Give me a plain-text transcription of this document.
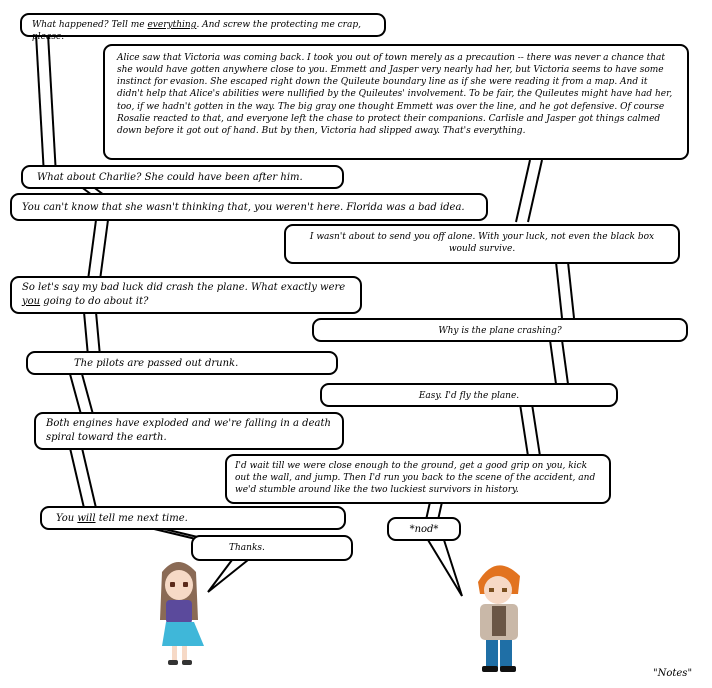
What happened? Tell me everything. And screw the protecting me crap, please.
Alice saw that Victoria was coming back. I took you out of town merely as a precaution -- there was never a chance that she would have gotten anywhere close to you. Emmett and Jasper very nearly had her, but Victoria seems to have some instinct for evasion. She escaped right down the Quileute boundary line as if she were reading it from a map. And it didn't help that Alice's abilities were nullified by the Quileutes' involvement. To be fair, the Quileutes might have had her, too, if we hadn't gotten in the way. The big gray one thought Emmett was over the line, and he got defensive. Of course Rosalie reacted to that, and everyone left the chase to protect their companions. Carlisle and Jasper got things calmed down before it got out of hand. But by then, Victoria had slipped away. That's everything.
What about Charlie? She could have been after him.
You can't know that she wasn't thinking that, you weren't here. Florida was a bad idea.
I wasn't about to send you off alone. With your luck, not even the black box would survive.
So let's say my bad luck did crash the plane. What exactly were you going to do about it?
Why is the plane crashing?
The pilots are passed out drunk.
Easy. I'd fly the plane.
Both engines have exploded and we're falling in a death spiral toward the earth.
I'd wait till we were close enough to the ground, get a good grip on you, kick out the wall, and jump. Then I'd run you back to the scene of the accident, and we'd stumble around like the two luckiest survivors in history.
You will tell me next time.
*nod*
Thanks.
"Notes"
